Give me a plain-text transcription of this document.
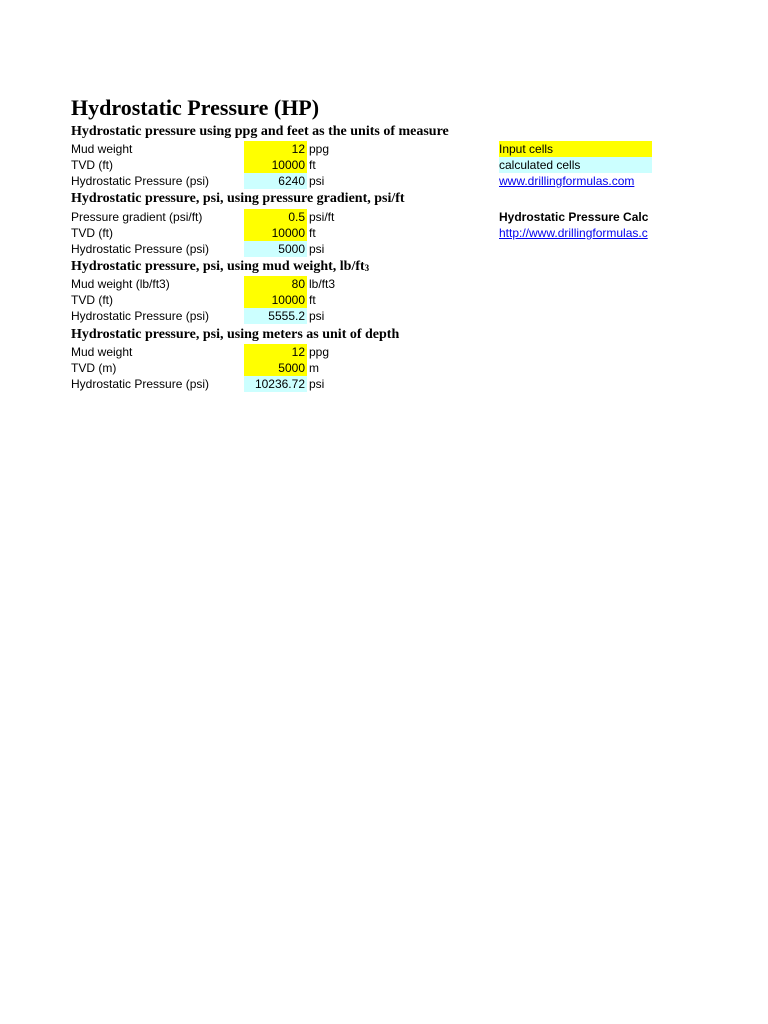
Hydrostatic Pressure (HP)
Hydrostatic pressure using ppg and feet as the units of measure
Mud weight	12 ppg
TVD (ft)	10000 ft
Hydrostatic Pressure (psi)	6240 psi
Hydrostatic pressure, psi, using pressure gradient, psi/ft
Pressure gradient (psi/ft)	0.5 psi/ft
TVD (ft)	10000 ft
Hydrostatic Pressure (psi)	5000 psi
Hydrostatic pressure, psi, using mud weight, $lb/ft_3$
Mud weight (lb/ft3)	80 lb/ft3
TVD (ft)	10000 ft
Hydrostatic Pressure (psi)	5555.2 psi
Hydrostatic pressure, psi, using meters as unit of depth
Mud weight	12 ppg
TVD (m)	5000 m
Hydrostatic Pressure (psi)	10236.72 psi
Input cells
calculated cells
www.drillingformulas.com
Hydrostatic Pressure Calc
http://www.drillingformulas.c
